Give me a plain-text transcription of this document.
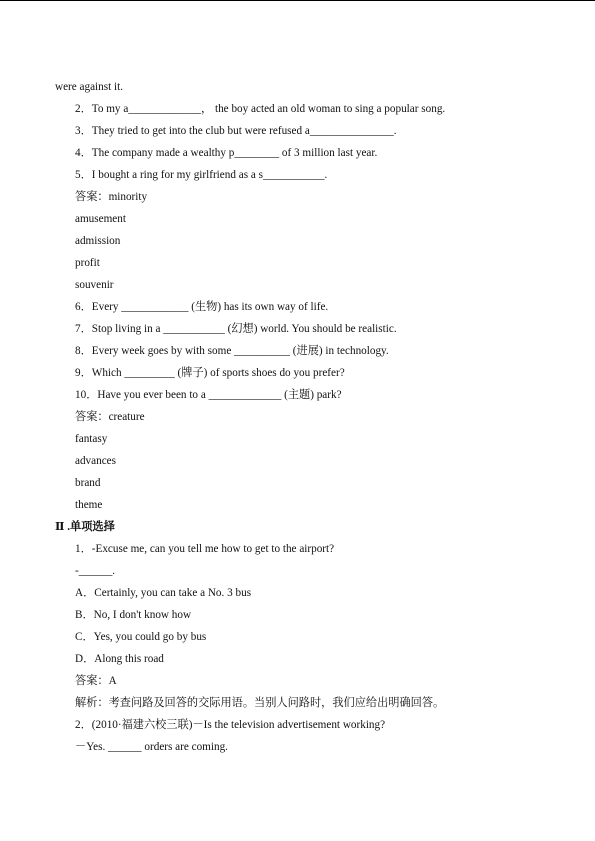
were against it.
2．To my a_____________， the boy acted an old woman to sing a popular song.
3．They tried to get into the club but were refused a_______________.
4．The company made a wealthy p________ of 3 million last year.
5．I bought a ring for my girlfriend as a s___________.
答案：minority
amusement
admission
profit
souvenir
6．Every ____________ (生物) has its own way of life.
7．Stop living in a ___________ (幻想) world. You should be realistic.
8．Every week goes by with some __________ (进展) in technology.
9．Which _________ (牌子) of sports shoes do you prefer?
10．Have you ever been to a _____________ (主题) park?
答案：creature
fantasy
advances
brand
theme
Ⅱ .单项选择
1．-Excuse me, can you tell me how to get to the airport?
-______.
A．Certainly, you can take a No. 3 bus
B．No, I don't know how
C．Yes, you could go by bus
D．Along this road
答案：A
解析：考查问路及回答的交际用语。当别人问路时，我们应给出明确回答。
2．(2010·福建六校三联)－Is the television advertisement working?
－Yes. ______ orders are coming.
